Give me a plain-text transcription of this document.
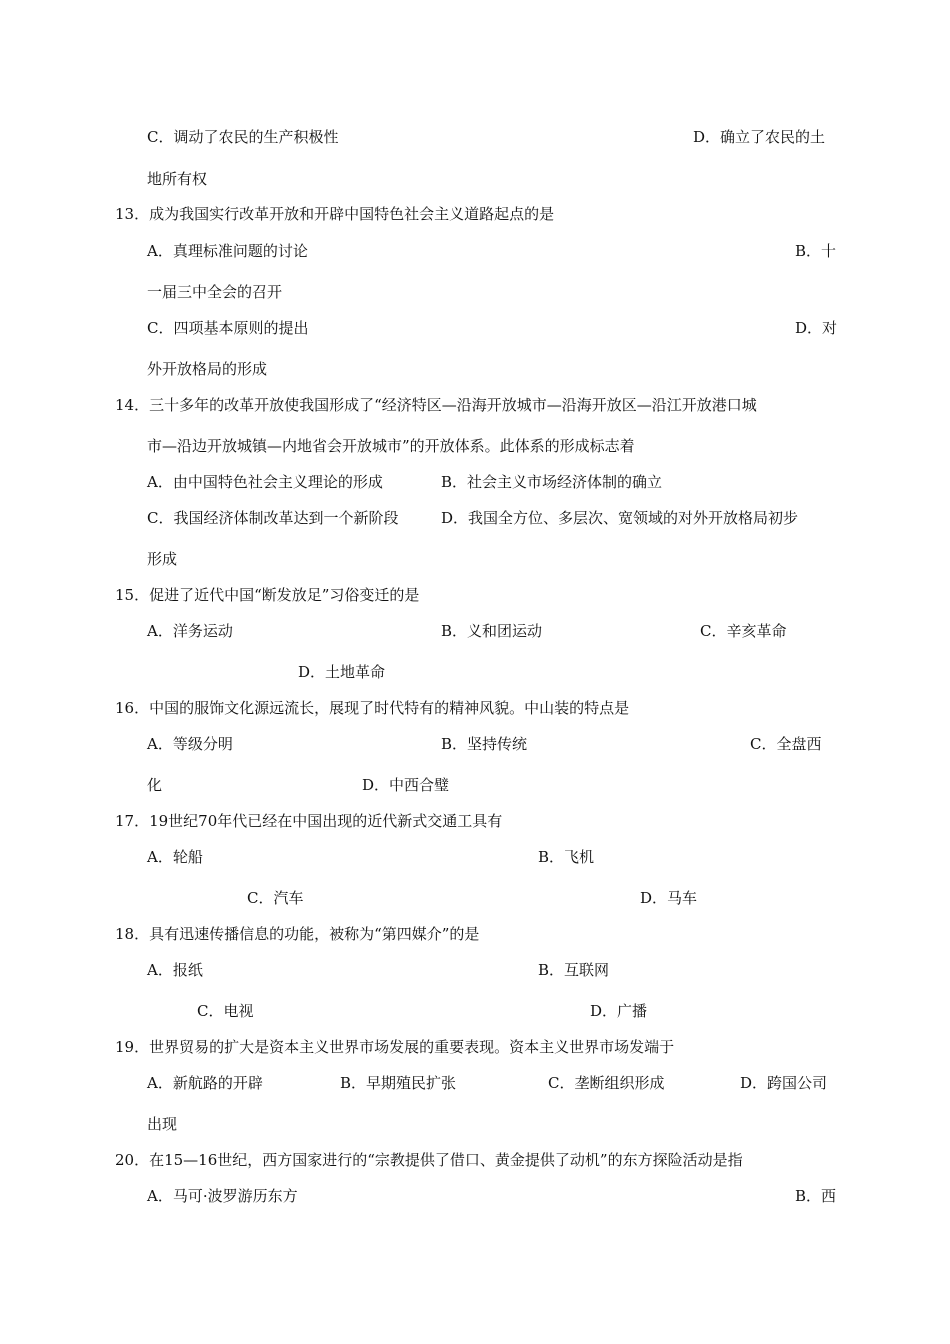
C．调动了农民的生产积极性	D．确立了农民的土
地所有权
13．成为我国实行改革开放和开辟中国特色社会主义道路起点的是
A．真理标准问题的讨论	B．十
一届三中全会的召开
C．四项基本原则的提出	D．对
外开放格局的形成
14．三十多年的改革开放使我国形成了“经济特区—沿海开放城市—沿海开放区—沿江开放港口城
市—沿边开放城镇—内地省会开放城市”的开放体系。此体系的形成标志着
A．由中国特色社会主义理论的形成	B．社会主义市场经济体制的确立
C．我国经济体制改革达到一个新阶段	D．我国全方位、多层次、宽领域的对外开放格局初步
形成
15．促进了近代中国“断发放足”习俗变迁的是
A．洋务运动	B．义和团运动	C．辛亥革命
D．土地革命
16．中国的服饰文化源远流长，展现了时代特有的精神风貌。中山装的特点是
A．等级分明	B．坚持传统	C．全盘西
化	D．中西合璧
17．19世纪70年代已经在中国出现的近代新式交通工具有
A．轮船	B．飞机
C．汽车	D．马车
18．具有迅速传播信息的功能，被称为“第四媒介”的是
A．报纸	B．互联网
C．电视	D．广播
19．世界贸易的扩大是资本主义世界市场发展的重要表现。资本主义世界市场发端于
A．新航路的开辟	B．早期殖民扩张	C．垄断组织形成	D．跨国公司
出现
20．在15—16世纪，西方国家进行的“宗教提供了借口、黄金提供了动机”的东方探险活动是指
A．马可·波罗游历东方	B．西
